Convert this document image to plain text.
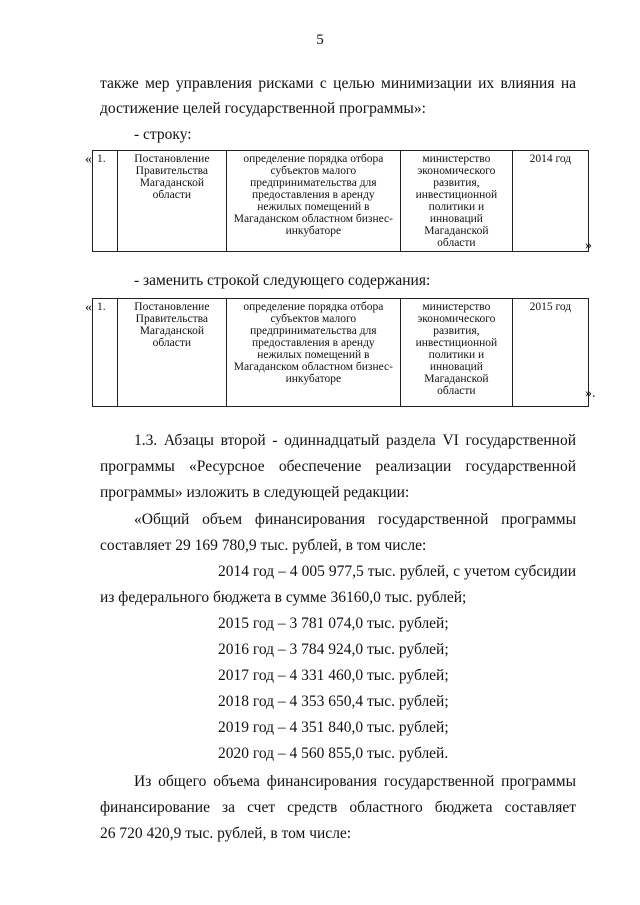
5
также мер управления рисками с целью минимизации их влияния на
достижение целей государственной программы»:
- строку:
« 1.	Постановление Правительства Магаданской области	определение порядка отбора субъектов малого предпринимательства для предоставления в аренду нежилых помещений в Магаданском областном бизнес-инкубаторе	министерство экономического развития, инвестиционной политики и инноваций Магаданской области	2014 год
»
- заменить строкой следующего содержания:
« 1.	Постановление Правительства Магаданской области	определение порядка отбора субъектов малого предпринимательства для предоставления в аренду нежилых помещений в Магаданском областном бизнес-инкубаторе	министерство экономического развития, инвестиционной политики и инноваций Магаданской области	2015 год
».
1.3. Абзацы второй - одиннадцатый раздела VI государственной
программы «Ресурсное обеспечение реализации государственной
программы» изложить в следующей редакции:
«Общий объем финансирования государственной программы
составляет 29 169 780,9 тыс. рублей, в том числе:
2014 год – 4 005 977,5 тыс. рублей, с учетом субсидии
из федерального бюджета в сумме 36160,0 тыс. рублей;
2015 год – 3 781 074,0 тыс. рублей;
2016 год – 3 784 924,0 тыс. рублей;
2017 год – 4 331 460,0 тыс. рублей;
2018 год – 4 353 650,4 тыс. рублей;
2019 год – 4 351 840,0 тыс. рублей;
2020 год – 4 560 855,0 тыс. рублей.
Из общего объема финансирования государственной программы
финансирование за счет средств областного бюджета составляет
26 720 420,9 тыс. рублей, в том числе:
